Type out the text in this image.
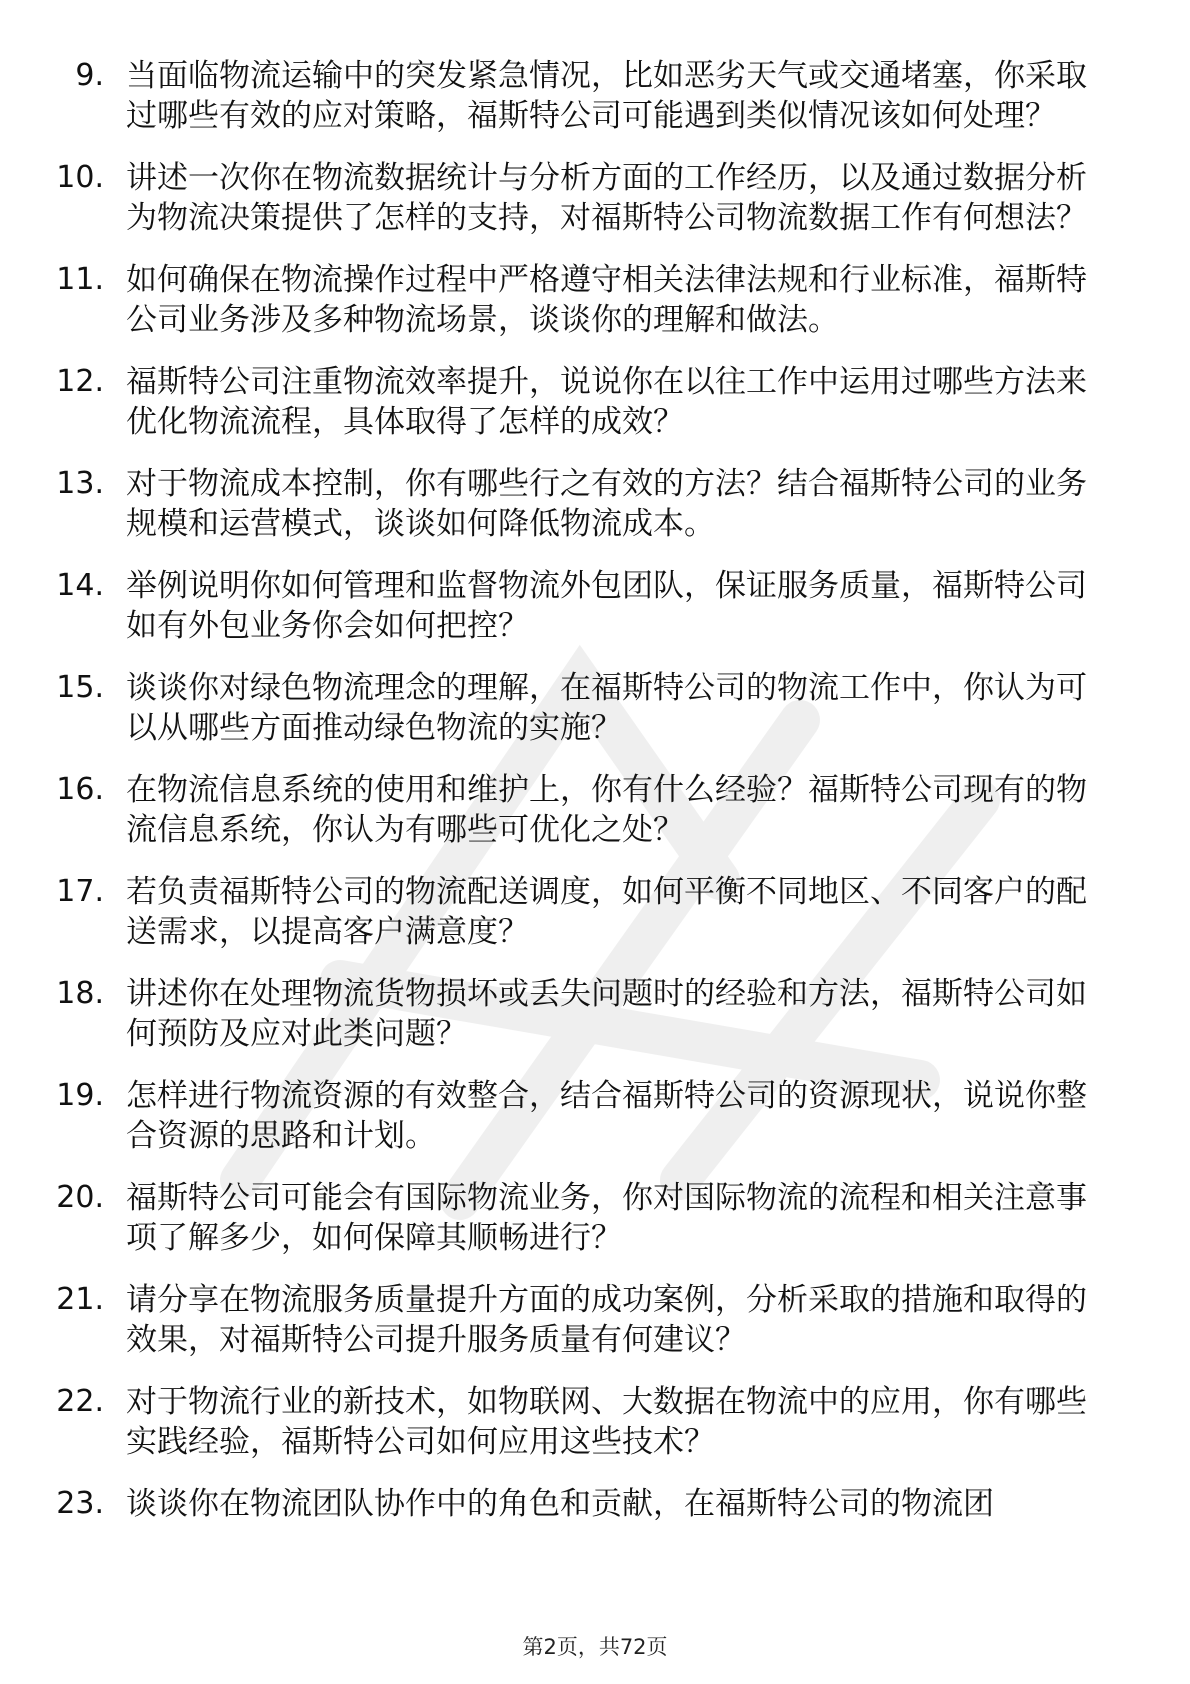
9. 当面临物流运输中的突发紧急情况，比如恶劣天气或交通堵塞，你采取过哪些有效的应对策略，福斯特公司可能遇到类似情况该如何处理？
10. 讲述一次你在物流数据统计与分析方面的工作经历，以及通过数据分析为物流决策提供了怎样的支持，对福斯特公司物流数据工作有何想法？
11. 如何确保在物流操作过程中严格遵守相关法律法规和行业标准，福斯特公司业务涉及多种物流场景，谈谈你的理解和做法。
12. 福斯特公司注重物流效率提升，说说你在以往工作中运用过哪些方法来优化物流流程，具体取得了怎样的成效？
13. 对于物流成本控制，你有哪些行之有效的方法？结合福斯特公司的业务规模和运营模式，谈谈如何降低物流成本。
14. 举例说明你如何管理和监督物流外包团队，保证服务质量，福斯特公司如有外包业务你会如何把控？
15. 谈谈你对绿色物流理念的理解，在福斯特公司的物流工作中，你认为可以从哪些方面推动绿色物流的实施？
16. 在物流信息系统的使用和维护上，你有什么经验？福斯特公司现有的物流信息系统，你认为有哪些可优化之处？
17. 若负责福斯特公司的物流配送调度，如何平衡不同地区、不同客户的配送需求，以提高客户满意度？
18. 讲述你在处理物流货物损坏或丢失问题时的经验和方法，福斯特公司如何预防及应对此类问题？
19. 怎样进行物流资源的有效整合，结合福斯特公司的资源现状，说说你整合资源的思路和计划。
20. 福斯特公司可能会有国际物流业务，你对国际物流的流程和相关注意事项了解多少，如何保障其顺畅进行？
21. 请分享在物流服务质量提升方面的成功案例，分析采取的措施和取得的效果，对福斯特公司提升服务质量有何建议？
22. 对于物流行业的新技术，如物联网、大数据在物流中的应用，你有哪些实践经验，福斯特公司如何应用这些技术？
23. 谈谈你在物流团队协作中的角色和贡献，在福斯特公司的物流团
第2页，共72页
